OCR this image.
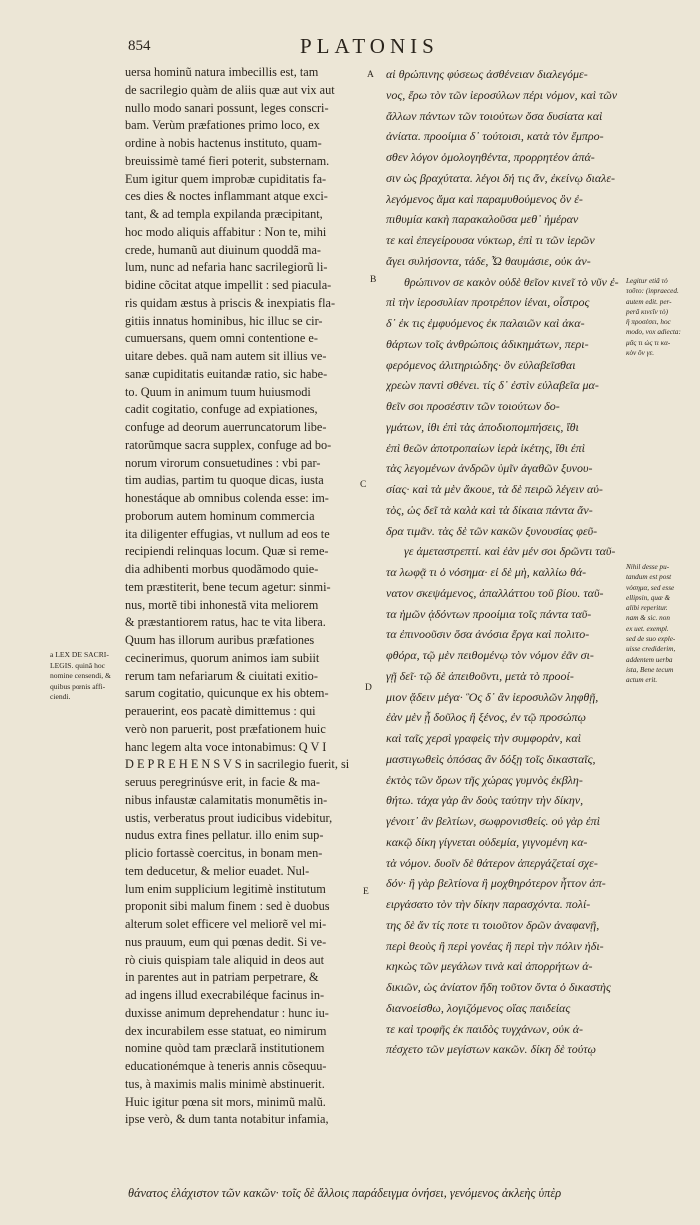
854	PLATONIS
uersa hominũ natura imbecillis est, tam
de sacrilegio quàm de aliis quæ aut vix aut
nullo modo sanari possunt, leges conscri-
bam. Verùm præfationes primo loco, ex
ordine à nobis hactenus instituto, quam-
breuissimè tamé fieri poterit, substernam.
Eum igitur quem improbæ cupiditatis fa-
ces dies & noctes inflammant atque exci-
tant, & ad templa expilanda præcipitant,
hoc modo aliquis affabitur : Non te, mihi
crede, humanũ aut diuinum quoddã ma-
lum, nunc ad nefaria hanc sacrilegiorũ li-
bidine cõcitat atque impellit : sed piacula-
ris quidam æstus à priscis & inexpiatis fla-
gitiis innatus hominibus, hic illuc se cir-
cumuersans, quem omni contentione e-
uitare debes. quã nam autem sit illius ve-
sanæ cupiditatis euitandæ ratio, sic habe-
to. Quum in animum tuum huiusmodi
cadit cogitatio, confuge ad expiationes,
confuge ad deorum auerruncatorum libe-
ratorũmque sacra supplex, confuge ad bo-
norum virorum consuetudines : vbi par-
tim audias, partim tu quoque dicas, iusta
honestáque ab omnibus colenda esse: im-
proborum autem hominum commercia
ita diligenter effugias, vt nullum ad eos te
recipiendi relinquas locum. Quæ si reme-
dia adhibenti morbus quodãmodo quie-
tem præstiterit, bene tecum agetur: sinmi-
nus, mortẽ tibi inhonestã vita meliorem
& præstantiorem ratus, hac te vita libera.
Quum has illorum auribus præfationes
cecinerimus, quorum animos iam subiit
rerum tam nefariarum & ciuitati exitio-
sarum cogitatio, quicunque ex his obtem-
perauerint, eos pacatè dimittemus : qui
verò non paruerit, post præfationem huic
hanc legem alta voce intonabimus: Q V I
D E P R E H E N S V S in sacrilegio fuerit, si
seruus peregrinúsve erit, in facie & ma-
nibus infaustæ calamitatis monumẽtis in-
ustis, verberatus prout iudicibus videbitur,
nudus extra fines pellatur. illo enim sup-
plicio fortassè coercitus, in bonam men-
tem deducetur, & melior euadet. Nul-
lum enim supplicium legitimè institutum
proponit sibi malum finem : sed è duobus
alterum solet efficere vel meliorẽ vel mi-
nus prauum, eum qui pœnas dedit. Si ve-
rò ciuis quispiam tale aliquid in deos aut
in parentes aut in patriam perpetrare, &
ad ingens illud execrabiléque facinus in-
duxisse animum deprehendatur : hunc iu-
dex incurabilem esse statuat, eo nimirum
nomine quòd tam præclarã institutionem
educationémque à teneris annis cõsequu-
tus, à maximis malis minimè abstinuerit.
Huic igitur pœna sit mors, minimũ malũ.
ipse verò, & dum tanta notabitur infamia,
αἱ θρώπινης φύσεως ἀσθένειαν διαλεγόμε-
νος, ἔρω τὸν τῶν ἱεροσύλων πέρι νόμον, καὶ τῶν
ἄλλων πάντων τῶν τοιούτων ὅσα δυσίατα καὶ
ἀνίατα. προοίμια δ᾽ τούτοισι, κατὰ τὸν ἔμπρο-
σθεν λόγον ὁμολογηθέντα, προρρητέον ἀπά-
σιν ὡς βραχύτατα. λέγοι δή τις ἄν, ἐκείνῳ διαλε-
λεγόμενος ἅμα καὶ παραμυθούμενος ὃν ἐ-
πιθυμία κακὴ παρακαλοῦσα μεθ᾽ ἡμέραν
τε καὶ ἐπεγείρουσα νύκτωρ, ἐπὶ τι τῶν ἱερῶν
ἄγει συλήσοντα, τάδε, Ὦ θαυμάσιε, οὐκ ἀν-
θρώπινον σε κακὸν οὐδὲ θεῖον κινεῖ τὸ νῦν ἐ-
πὶ τὴν ἱεροσυλίαν προτρέπον ἰέναι, οἶστρος
δ᾽ ἐκ τις ἐμφυόμενος ἐκ παλαιῶν καὶ ἀκα-
θάρτων τοῖς ἀνθρώποις ἀδικημάτων, περι-
φερόμενος ἀλιτηριώδης· ὃν εὐλαβεῖσθαι
χρεὼν παντὶ σθένει. τίς δ᾽ ἐστὶν εὐλαβεῖα μα-
θεῖν σοι προσέστιν τῶν τοιούτων δο-
γμάτων, ἰθι ἐπὶ τὰς ἀποδιοπομπήσεις, ἴθι
ἐπὶ θεῶν ἀποτροπαίων ἱερὰ ἱκέτης, ἴθι ἐπὶ
τὰς λεγομένων ἀνδρῶν ὑμῖν ἀγαθῶν ξυνου-
σίας· καὶ τὰ μὲν ἄκουε, τὰ δὲ πειρῶ λέγειν αὐ-
τὸς, ὡς δεῖ τὰ καλὰ καὶ τὰ δίκαια πάντα ἄν-
δρα τιμᾶν. τὰς δὲ τῶν κακῶν ξυνουσίας φεῦ-
γε ἀμεταστρεπτί. καὶ ἐὰν μέν σοι δρῶντι ταῦ-
τα λωφᾷ τι ὁ νόσημα· εἰ δὲ μὴ, καλλίω θά-
νατον σκεψάμενος, ἀπαλλάττου τοῦ βίου. ταῦ-
τα ἡμῶν ᾀδόντων προοίμια τοῖς πάντα ταῦ-
τα ἐπινοοῦσιν ὅσα ἀνόσια ἔργα καὶ πολιτο-
φθόρα, τῷ μὲν πειθομένῳ τὸν νόμον ἐᾶν σι-
γῇ δεῖ· τῷ δὲ ἀπειθοῦντι, μετὰ τὸ προοί-
μιον ᾄδειν μέγα· Ὃς δ᾽ ἂν ἱεροσυλῶν ληφθῇ,
ἐὰν μὲν ᾖ δοῦλος ἢ ξένος, ἐν τῷ προσώπῳ
καὶ ταῖς χερσὶ γραφεὶς τὴν συμφορὰν, καὶ
μαστιγωθεὶς ὁπόσας ἂν δόξῃ τοῖς δικασταῖς,
ἐκτὸς τῶν ὅρων τῆς χώρας γυμνὸς ἐκβλη-
θήτω. τάχα γὰρ ἂν δοὺς ταύτην τὴν δίκην,
γένοιτ᾽ ἂν βελτίων, σωφρονισθείς. οὐ γὰρ ἐπὶ
κακῷ δίκη γίγνεται οὐδεμία, γιγνομένη κα-
τὰ νόμον. δυοῖν δὲ θάτερον ἀπεργάζεταί σχε-
δόν· ἢ γὰρ βελτίονα ἢ μοχθηρότερον ἧττον ἀπ-
ειργάσατο τὸν τὴν δίκην παρασχόντα. πολί-
της δὲ ἄν τίς ποτε τι τοιοῦτον δρῶν ἀναφανῇ,
περὶ θεοὺς ἢ περὶ γονέας ἢ περὶ τὴν πόλιν ἠδι-
κηκὼς τῶν μεγάλων τινὰ καὶ ἀπορρήτων ἀ-
δικιῶν, ὡς ἀνίατον ἤδη τοῦτον ὄντα ὁ δικαστὴς
διανοείσθω, λογιζόμενος οἵας παιδείας
τε καὶ τροφῆς ἐκ παιδὸς τυγχάνων, οὐκ ἀ-
πέσχετο τῶν μεγίστων κακῶν. δίκη δὲ τούτῳ
A
B
C
D
E
a LEX DE SACRI-
LEGIS. quinã hoc
nomine censendi, &
quibus pœnis affi-
ciendi.
Legitur etiã τὸ
τοῦτο: (inpraeced.
autem edit. per-
perã κινεῖν τὸ)
ἢ προσέσει, hoc
modo, vox adiecta:
μᾶς τι ὡς τι κα-
κὸν ὄν γε.
Nihil desse pu-
tandum est post
νόσημα, sed esse
ellipsin, quæ &
alibi reperitur.
nam & sic. non
ex uet. exempl.
sed de suo exple-
uisse crediderim,
addentem uerba
ista, Bene tecum
actum erit.
θάνατος ἐλάχιστον τῶν κακῶν· τοῖς δὲ ἄλλοις παράδειγμα ὀνήσει, γενόμενος ἀκλεὴς ὑπὲρ
